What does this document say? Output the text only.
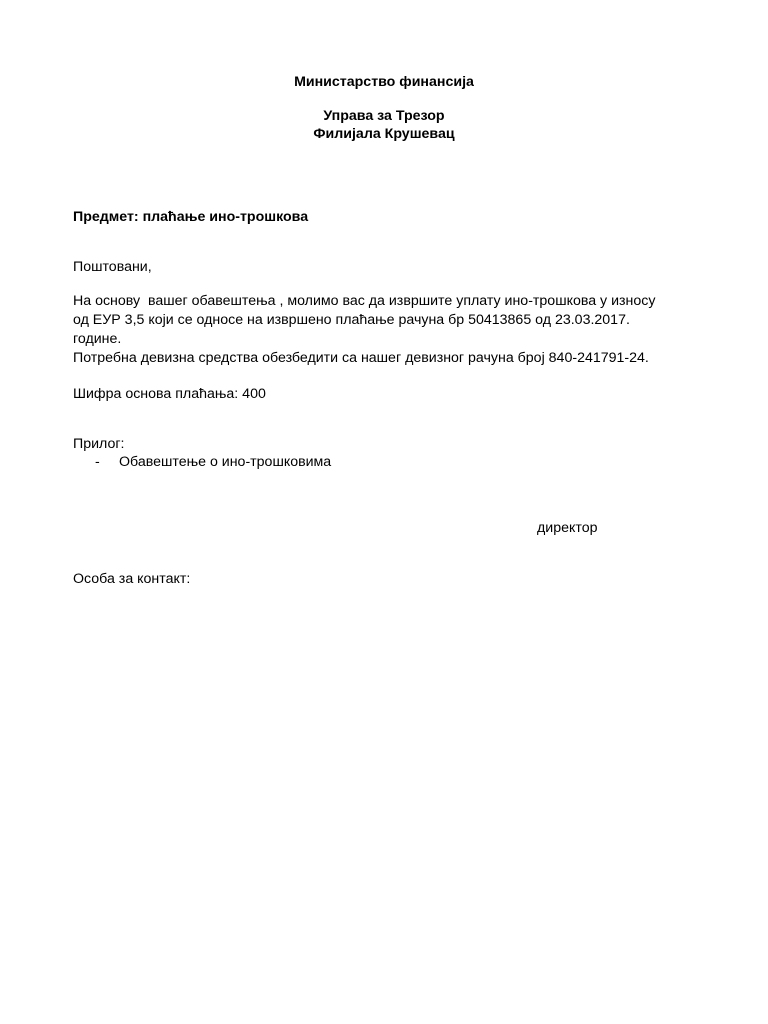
Министарство финансија

Управа за Трезор

Филијала Крушевац

Предмет: плаћање ино-трошкова

Поштовани,

На основу  вашег обавештења , молимо вас да извршите уплату ино-трошкова у износу

од ЕУР 3,5 који се односе на извршено плаћање рачуна бр 50413865 од 23.03.2017.

године.

Потребна девизна средства обезбедити са нашег девизног рачуна број 840-241791-24.

Шифра основа плаћања: 400

Прилог:

- Обавештење о ино-трошковима

директор

Особа за контакт:
